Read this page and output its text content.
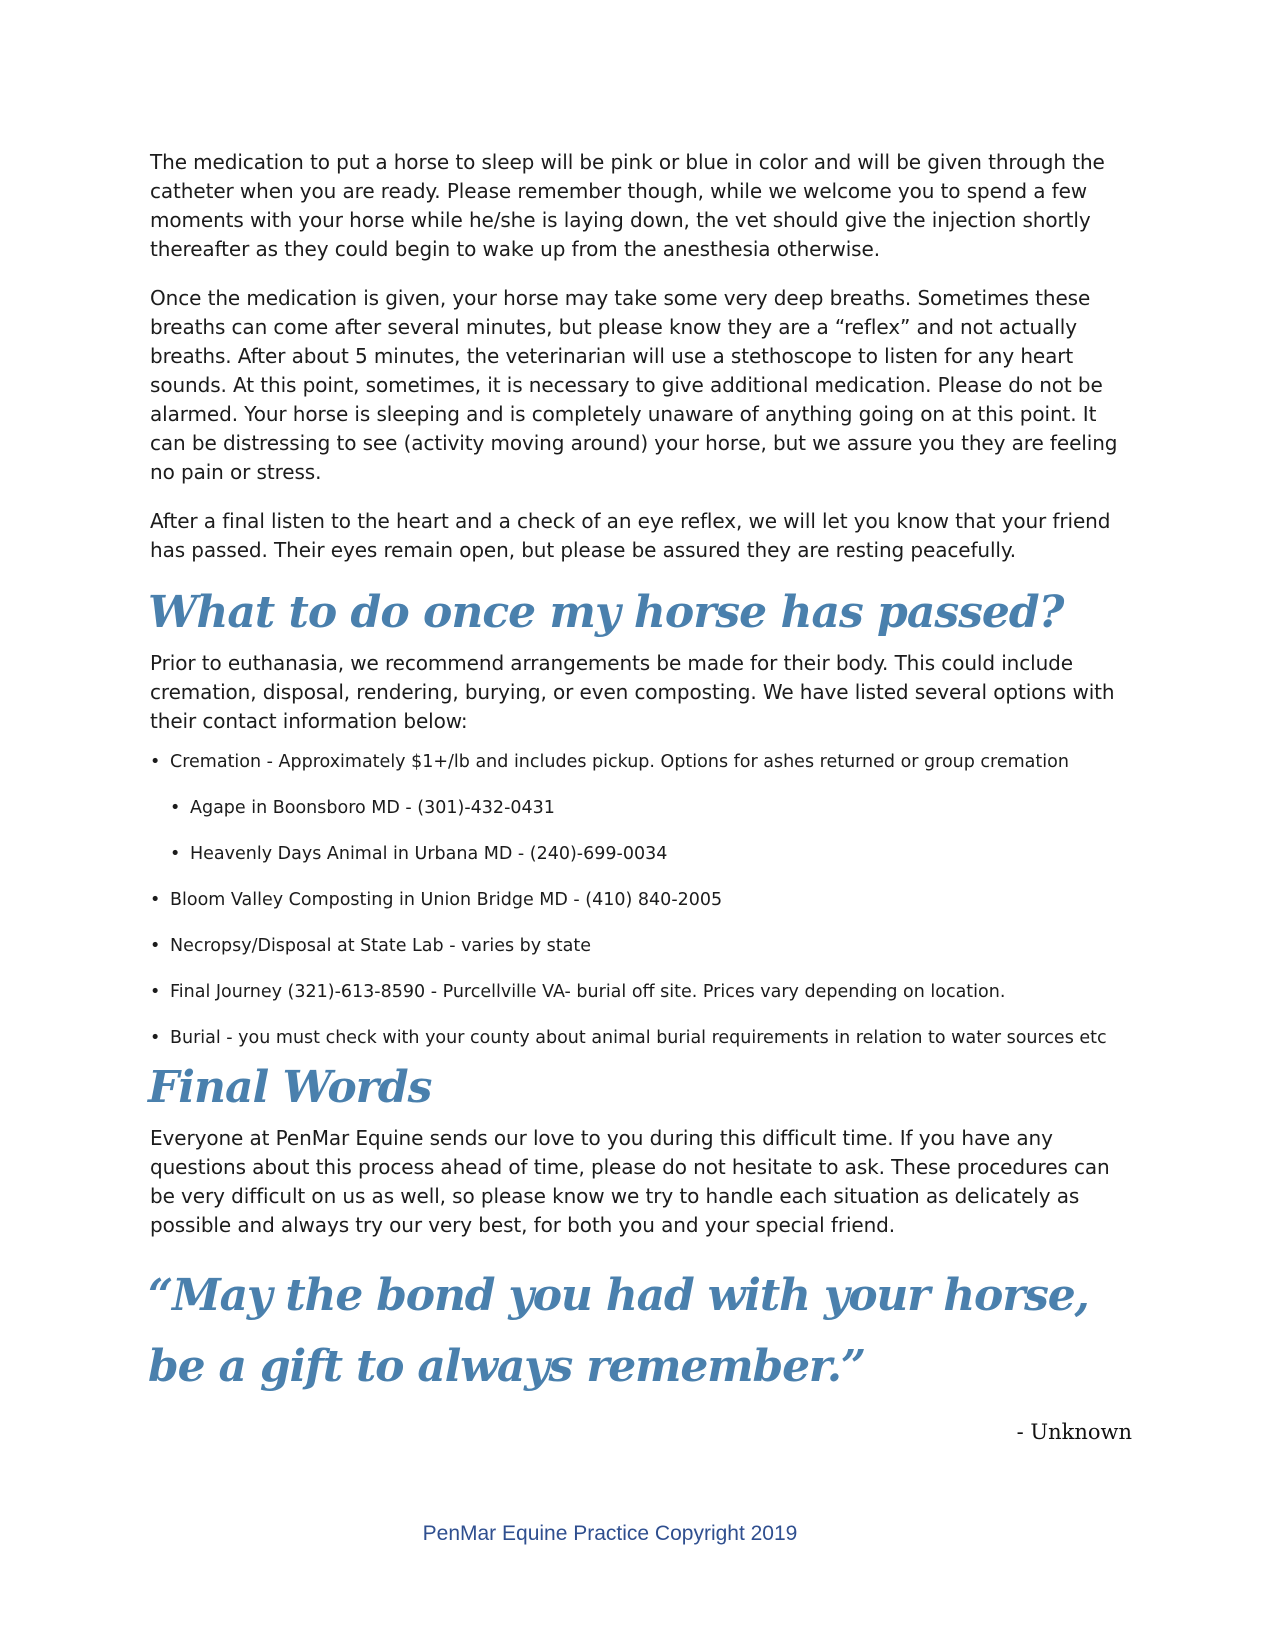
The medication to put a horse to sleep will be pink or blue in color and will be given through the catheter when you are ready. Please remember though, while we welcome you to spend a few moments with your horse while he/she is laying down, the vet should give the injection shortly thereafter as they could begin to wake up from the anesthesia otherwise.

Once the medication is given, your horse may take some very deep breaths. Sometimes these breaths can come after several minutes, but please know they are a “reflex” and not actually breaths. After about 5 minutes, the veterinarian will use a stethoscope to listen for any heart sounds. At this point, sometimes, it is necessary to give additional medication. Please do not be alarmed. Your horse is sleeping and is completely unaware of anything going on at this point. It can be distressing to see (activity moving around) your horse, but we assure you they are feeling no pain or stress.

After a final listen to the heart and a check of an eye reflex, we will let you know that your friend has passed. Their eyes remain open, but please be assured they are resting peacefully.

What to do once my horse has passed?

Prior to euthanasia, we recommend arrangements be made for their body. This could include cremation, disposal, rendering, burying, or even composting. We have listed several options with their contact information below:

• Cremation - Approximately $1+/lb and includes pickup. Options for ashes returned or group cremation
• Agape in Boonsboro MD - (301)-432-0431
• Heavenly Days Animal in Urbana MD - (240)-699-0034
• Bloom Valley Composting in Union Bridge MD - (410) 840-2005
• Necropsy/Disposal at State Lab - varies by state
• Final Journey (321)-613-8590 - Purcellville VA- burial off site. Prices vary depending on location.
• Burial - you must check with your county about animal burial requirements in relation to water sources etc
Final Words

Everyone at PenMar Equine sends our love to you during this difficult time. If you have any questions about this process ahead of time, please do not hesitate to ask. These procedures can be very difficult on us as well, so please know we try to handle each situation as delicately as possible and always try our very best, for both you and your special friend.

“May the bond you had with your horse, be a gift to always remember.”

- Unknown
PenMar Equine Practice Copyright 2019
